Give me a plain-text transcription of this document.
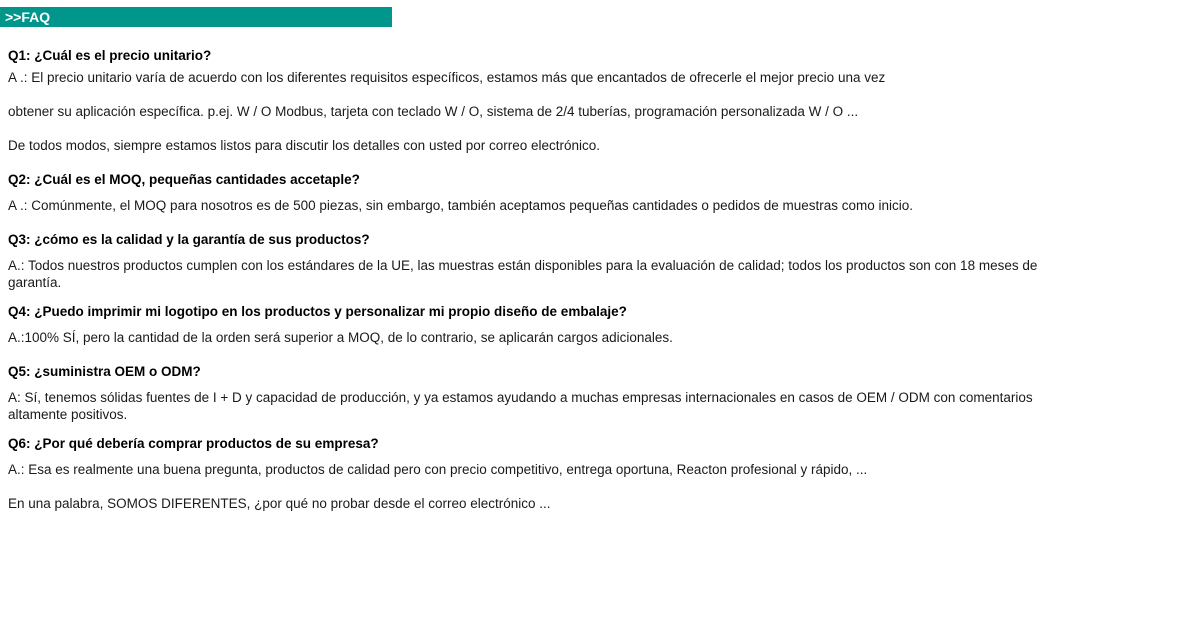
>>FAQ

Q1: ¿Cuál es el precio unitario?

A .: El precio unitario varía de acuerdo con los diferentes requisitos específicos, estamos más que encantados de ofrecerle el mejor precio una vez

obtener su aplicación específica. p.ej. W / O Modbus, tarjeta con teclado W / O, sistema de 2/4 tuberías, programación personalizada W / O ...

De todos modos, siempre estamos listos para discutir los detalles con usted por correo electrónico.

Q2: ¿Cuál es el MOQ, pequeñas cantidades accetaple?

A .: Comúnmente, el MOQ para nosotros es de 500 piezas, sin embargo, también aceptamos pequeñas cantidades o pedidos de muestras como inicio.

Q3: ¿cómo es la calidad y la garantía de sus productos?

A.: Todos nuestros productos cumplen con los estándares de la UE, las muestras están disponibles para la evaluación de calidad; todos los productos son con 18 meses de garantía.

Q4: ¿Puedo imprimir mi logotipo en los productos y personalizar mi propio diseño de embalaje?

A.:100% SÍ, pero la cantidad de la orden será superior a MOQ, de lo contrario, se aplicarán cargos adicionales.

Q5: ¿suministra OEM o ODM?

A: Sí, tenemos sólidas fuentes de I + D y capacidad de producción, y ya estamos ayudando a muchas empresas internacionales en casos de OEM / ODM con comentarios altamente positivos.

Q6: ¿Por qué debería comprar productos de su empresa?

A.: Esa es realmente una buena pregunta, productos de calidad pero con precio competitivo, entrega oportuna, Reacton profesional y rápido, ...

En una palabra, SOMOS DIFERENTES, ¿por qué no probar desde el correo electrónico ...
